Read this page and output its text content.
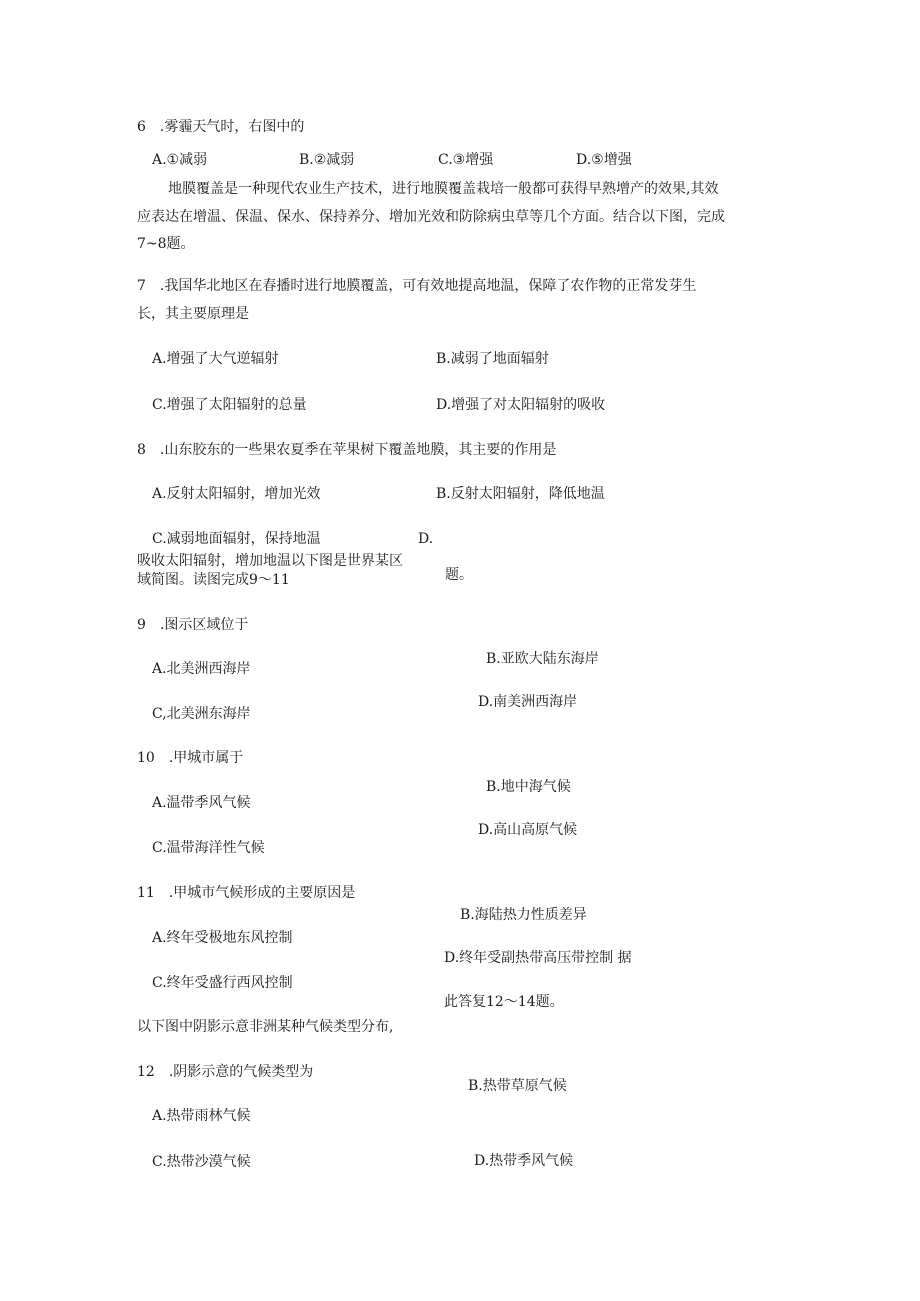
6　.雾霾天气时，右图中的
A.①减弱	B.②减弱	C.③增强	D.⑤增强
地膜覆盖是一种现代农业生产技术，进行地膜覆盖栽培一般都可获得早熟增产的效果,其效
应表达在增温、保温、保水、保持养分、增加光效和防除病虫草等几个方面。结合以下图，完成
7~8题。
7　.我国华北地区在春播时进行地膜覆盖，可有效地提高地温，保障了农作物的正常发芽生
长，其主要原理是
A.增强了大气逆辐射	B.减弱了地面辐射
C.增强了太阳辐射的总量	D.增强了对太阳辐射的吸收
8　.山东胶东的一些果农夏季在苹果树下覆盖地膜，其主要的作用是
A.反射太阳辐射，增加光效	B.反射太阳辐射，降低地温
C.减弱地面辐射，保持地温	D.
吸收太阳辐射，增加地温以下图是世界某区
域简图。读图完成9～11	题。
9　.图示区域位于
B.亚欧大陆东海岸
A.北美洲西海岸
D.南美洲西海岸
C,北美洲东海岸
10　.甲城市属于
B.地中海气候
A.温带季风气候
D.高山高原气候
C.温带海洋性气候
11　.甲城市气候形成的主要原因是
B.海陆热力性质差异
A.终年受极地东风控制
D.终年受副热带高压带控制 据
C.终年受盛行西风控制
此答复12～14题。
以下图中阴影示意非洲某种气候类型分布,
12　.阴影示意的气候类型为
B.热带草原气候
A.热带雨林气候
C.热带沙漠气候	D.热带季风气候
